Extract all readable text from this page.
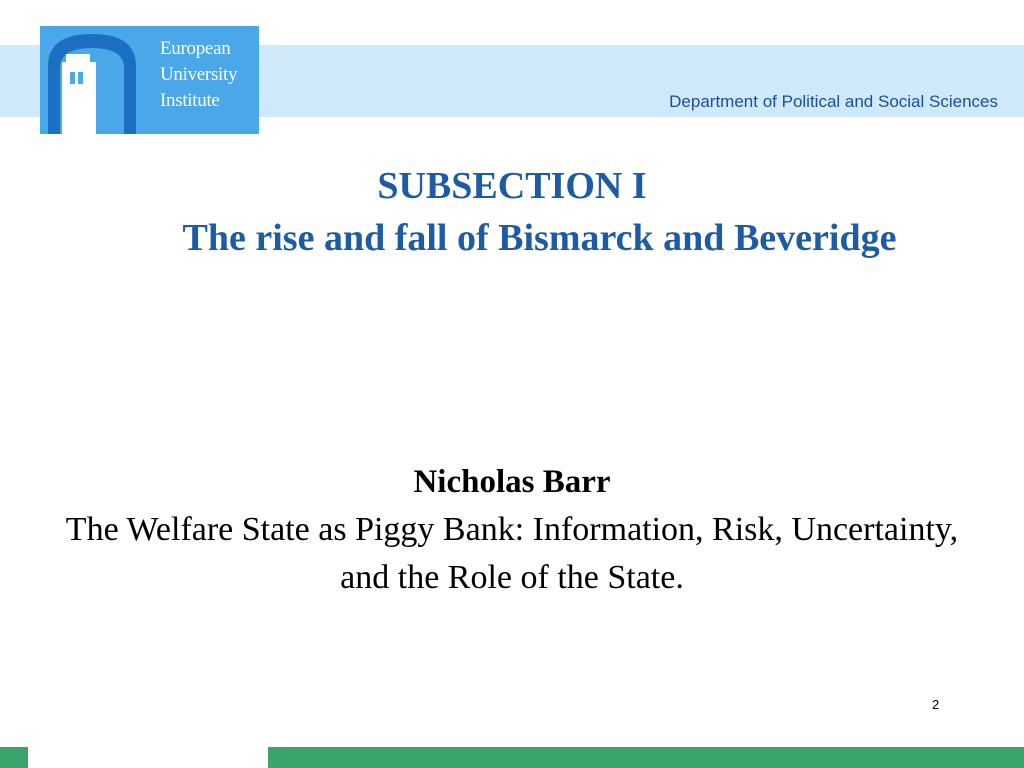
European
University
Institute	Department of Political and Social Sciences
SUBSECTION I
The rise and fall of Bismarck and Beveridge
Nicholas Barr
The Welfare State as Piggy Bank: Information, Risk, Uncertainty, and the Role of the State.
2
